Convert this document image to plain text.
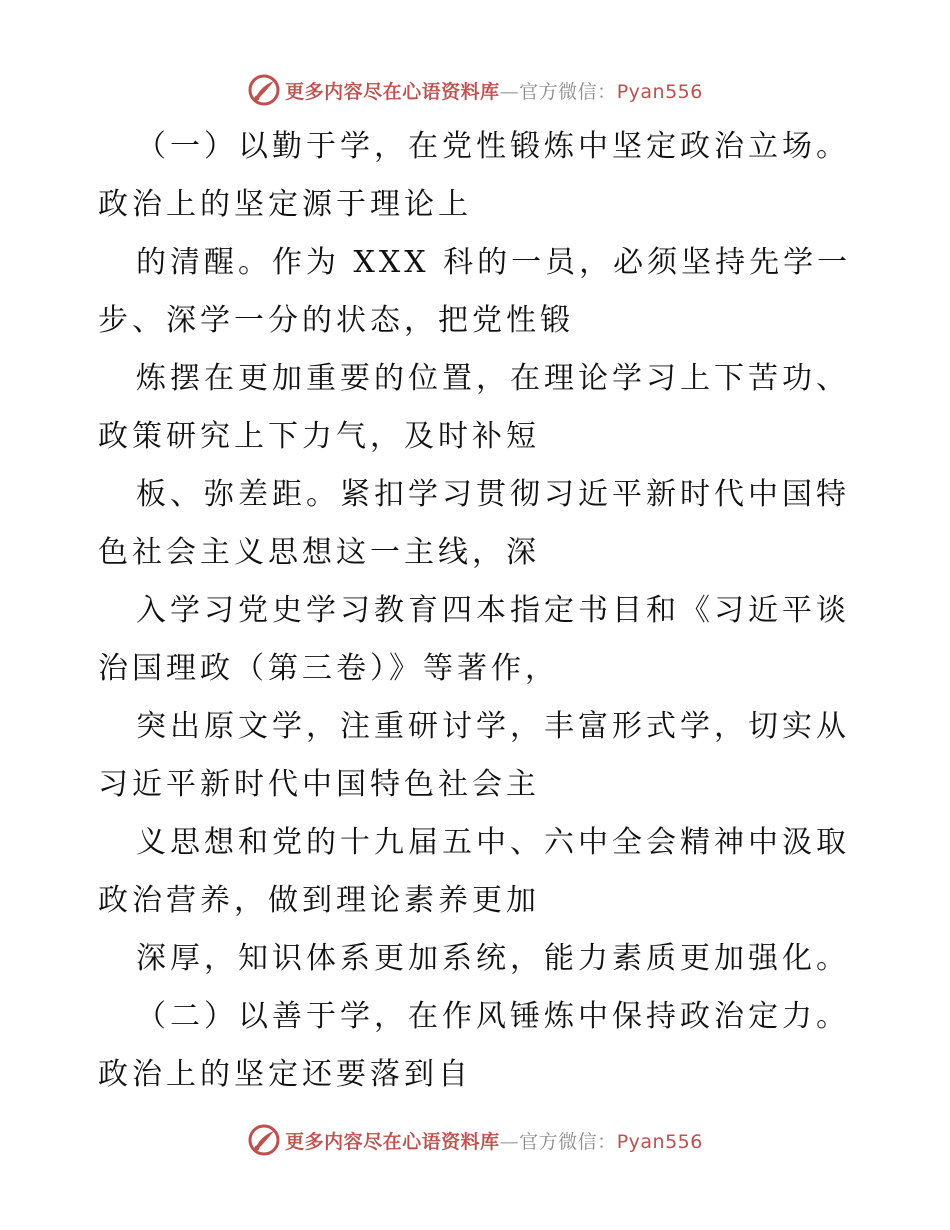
更多内容尽在心语资料库—官方微信：Pyan556
（一）以勤于学，在党性锻炼中坚定政治立场。
政治上的坚定源于理论上
的清醒。作为 XXX 科的一员，必须坚持先学一
步、深学一分的状态，把党性锻
炼摆在更加重要的位置，在理论学习上下苦功、
政策研究上下力气，及时补短
板、弥差距。紧扣学习贯彻习近平新时代中国特
色社会主义思想这一主线，深
入学习党史学习教育四本指定书目和《习近平谈
治国理政（第三卷）》等著作，
突出原文学，注重研讨学，丰富形式学，切实从
习近平新时代中国特色社会主
义思想和党的十九届五中、六中全会精神中汲取
政治营养，做到理论素养更加
深厚，知识体系更加系统，能力素质更加强化。
（二）以善于学，在作风锤炼中保持政治定力。
政治上的坚定还要落到自
更多内容尽在心语资料库—官方微信：Pyan556
